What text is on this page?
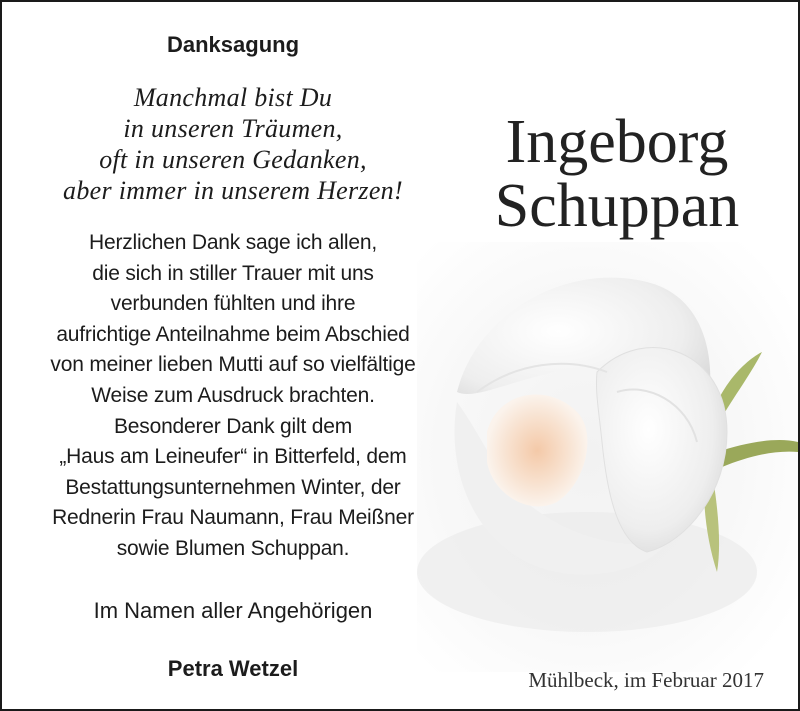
Danksagung
Manchmal bist Du
in unseren Träumen,
oft in unseren Gedanken,
aber immer in unserem Herzen!
Herzlichen Dank sage ich allen,
die sich in stiller Trauer mit uns
verbunden fühlten und ihre
aufrichtige Anteilnahme beim Abschied
von meiner lieben Mutti auf so vielfältige
Weise zum Ausdruck brachten.
Besonderer Dank gilt dem
„Haus am Leineufer“ in Bitterfeld, dem
Bestattungsunternehmen Winter, der
Rednerin Frau Naumann, Frau Meißner
sowie Blumen Schuppan.
Im Namen aller Angehörigen
Petra Wetzel
Ingeborg
Schuppan
Mühlbeck, im Februar 2017
